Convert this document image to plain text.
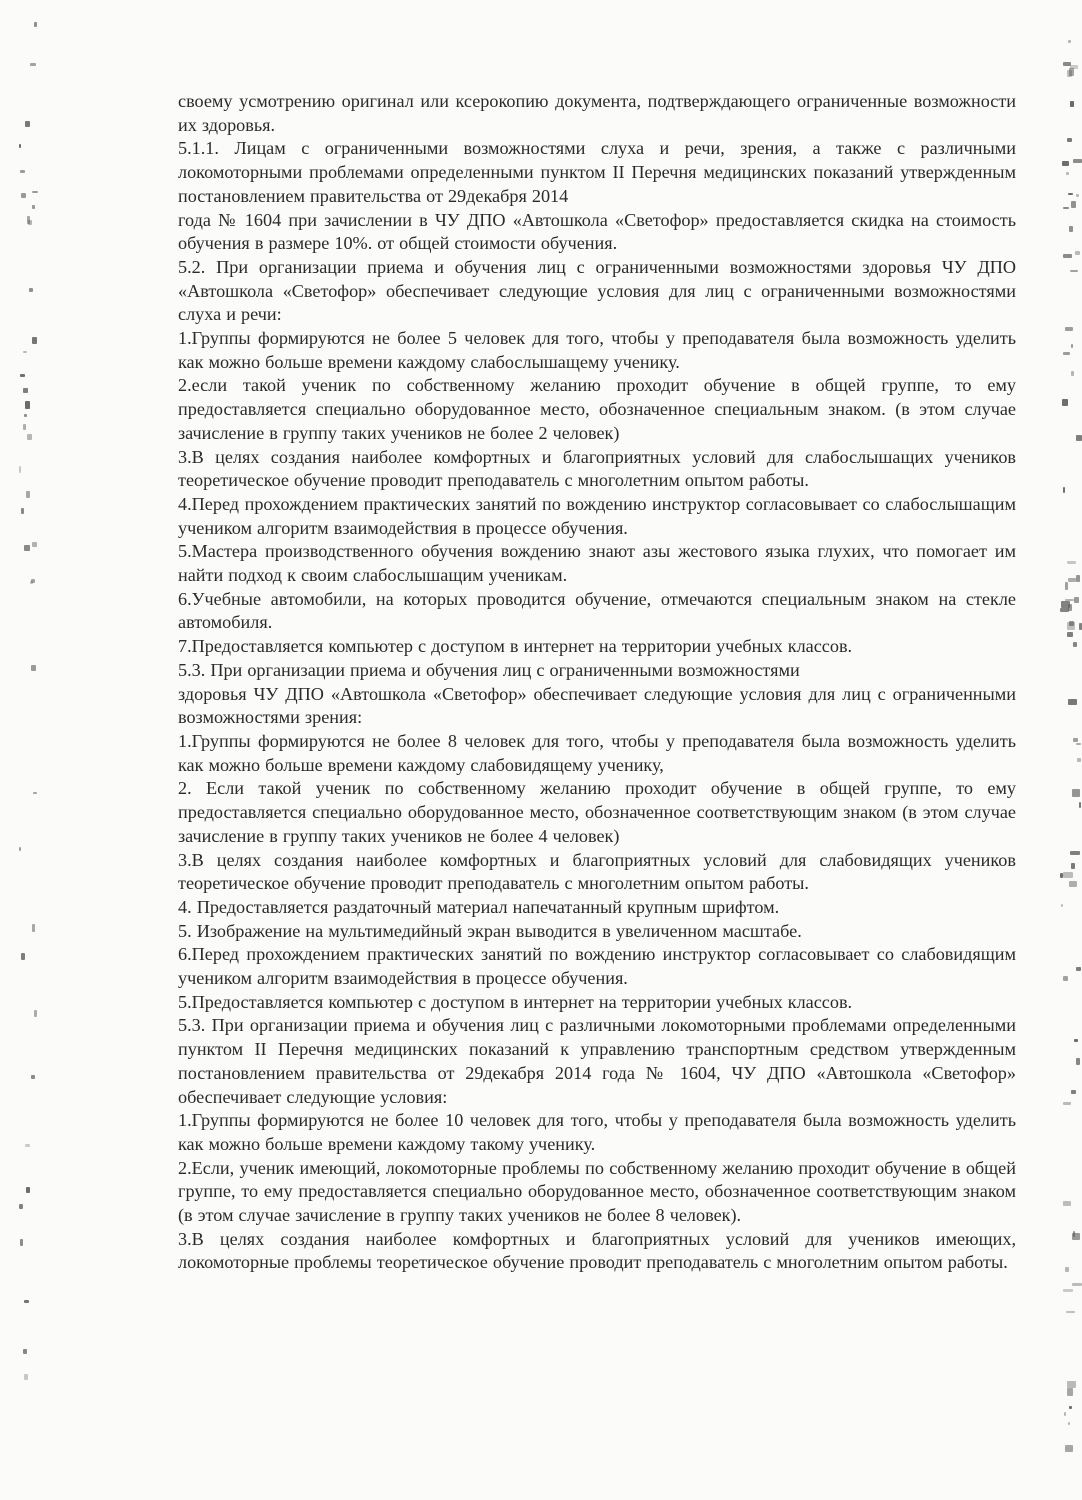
своему усмотрению оригинал или ксерокопию документа, подтверждающего ограниченные возможности их здоровья.

5.1.1. Лицам с ограниченными возможностями слуха и речи, зрения, а также с различными локомоторными проблемами определенными пунктом II Перечня медицинских показаний утвержденным постановлением правительства от 29декабря 2014

года № 1604 при зачислении в ЧУ ДПО «Автошкола «Светофор» предоставляется скидка на стоимость обучения в размере 10%. от общей стоимости обучения.

5.2. При организации приема и обучения лиц с ограниченными возможностями здоровья ЧУ ДПО «Автошкола «Светофор» обеспечивает следующие условия для лиц с ограниченными возможностями слуха и речи:

1.Группы формируются не более 5 человек для того, чтобы у преподавателя была возможность уделить как можно больше времени каждому слабослышащему ученику.

2.если такой ученик по собственному желанию проходит обучение в общей группе, то ему предоставляется специально оборудованное место, обозначенное специальным знаком. (в этом случае зачисление в группу таких учеников не более 2 человек)

3.В целях создания наиболее комфортных и благоприятных условий для слабослышащих учеников теоретическое обучение проводит преподаватель с многолетним опытом работы.

4.Перед прохождением практических занятий по вождению инструктор согласовывает со слабослышащим учеником алгоритм взаимодействия в процессе обучения.

5.Мастера производственного обучения вождению знают азы жестового языка глухих, что помогает им найти подход к своим слабослышащим ученикам.

6.Учебные автомобили, на которых проводится обучение, отмечаются специальным знаком на стекле автомобиля.

7.Предоставляется компьютер с доступом в интернет на территории учебных классов.

5.3. При организации приема и обучения лиц с ограниченными возможностями

здоровья ЧУ ДПО «Автошкола «Светофор» обеспечивает следующие условия для лиц с ограниченными возможностями зрения:

1.Группы формируются не более 8 человек для того, чтобы у преподавателя была возможность уделить как можно больше времени каждому слабовидящему ученику,

2. Если такой ученик по собственному желанию проходит обучение в общей группе, то ему предоставляется специально оборудованное место, обозначенное соответствующим знаком (в этом случае зачисление в группу таких учеников не более 4 человек)

3.В целях создания наиболее комфортных и благоприятных условий для слабовидящих учеников теоретическое обучение проводит преподаватель с многолетним опытом работы.

4. Предоставляется раздаточный материал напечатанный крупным шрифтом.

5. Изображение на мультимедийный экран выводится в увеличенном масштабе.

6.Перед прохождением практических занятий по вождению инструктор согласовывает со слабовидящим учеником алгоритм взаимодействия в процессе обучения.

5.Предоставляется компьютер с доступом в интернет на территории учебных классов.

5.3. При организации приема и обучения лиц с различными локомоторными проблемами определенными пунктом II Перечня медицинских показаний к управлению транспортным средством утвержденным постановлением правительства от 29декабря 2014 года № 1604, ЧУ ДПО «Автошкола «Светофор» обеспечивает следующие условия:

1.Группы формируются не более 10 человек для того, чтобы у преподавателя была возможность уделить как можно больше времени каждому такому ученику.

2.Если, ученик имеющий, локомоторные проблемы по собственному желанию проходит обучение в общей группе, то ему предоставляется специально оборудованное место, обозначенное соответствующим знаком (в этом случае зачисление в группу таких учеников не более 8 человек).

3.В целях создания наиболее комфортных и благоприятных условий для учеников имеющих, локомоторные проблемы теоретическое обучение проводит преподаватель с многолетним опытом работы.
